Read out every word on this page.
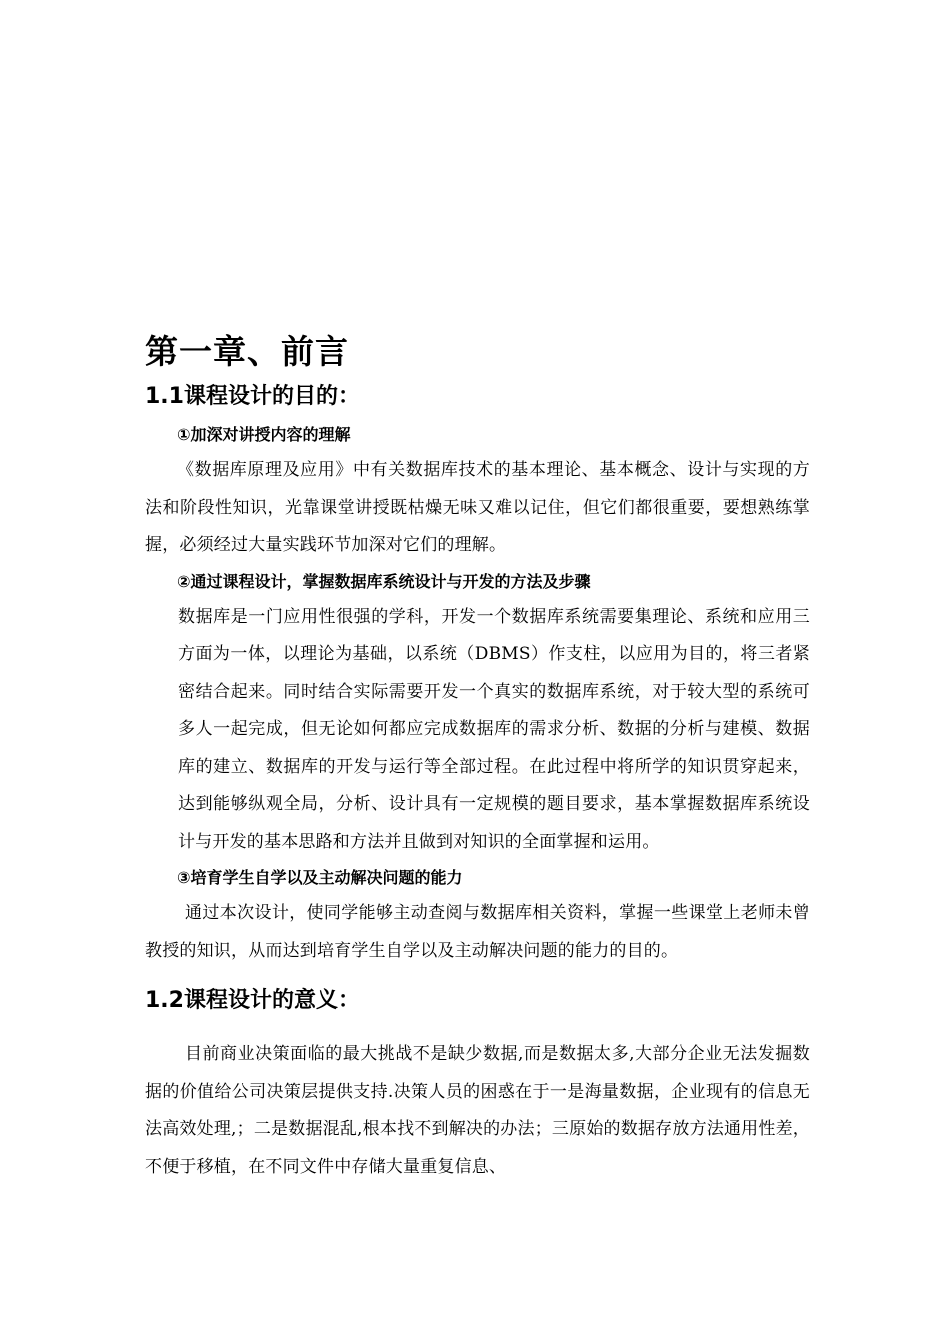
第一章、前言
1.1课程设计的目的：
①加深对讲授内容的理解

《数据库原理及应用》中有关数据库技术的基本理论、基本概念、设计与实现的方法和阶段性知识，光靠课堂讲授既枯燥无味又难以记住，但它们都很重要，要想熟练掌握，必须经过大量实践环节加深对它们的理解。

②通过课程设计，掌握数据库系统设计与开发的方法及步骤

数据库是一门应用性很强的学科，开发一个数据库系统需要集理论、系统和应用三方面为一体，以理论为基础，以系统（DBMS）作支柱，以应用为目的，将三者紧密结合起来。同时结合实际需要开发一个真实的数据库系统，对于较大型的系统可多人一起完成，但无论如何都应完成数据库的需求分析、数据的分析与建模、数据库的建立、数据库的开发与运行等全部过程。在此过程中将所学的知识贯穿起来，达到能够纵观全局，分析、设计具有一定规模的题目要求，基本掌握数据库系统设计与开发的基本思路和方法并且做到对知识的全面掌握和运用。

③培育学生自学以及主动解决问题的能力

通过本次设计，使同学能够主动查阅与数据库相关资料，掌握一些课堂上老师未曾教授的知识，从而达到培育学生自学以及主动解决问题的能力的目的。

1.2课程设计的意义：

目前商业决策面临的最大挑战不是缺少数据,而是数据太多,大部分企业无法发掘数据的价值给公司决策层提供支持.决策人员的困惑在于一是海量数据，企业现有的信息无法高效处理,；二是数据混乱,根本找不到解决的办法；三原始的数据存放方法通用性差，不便于移植，在不同文件中存储大量重复信息、
